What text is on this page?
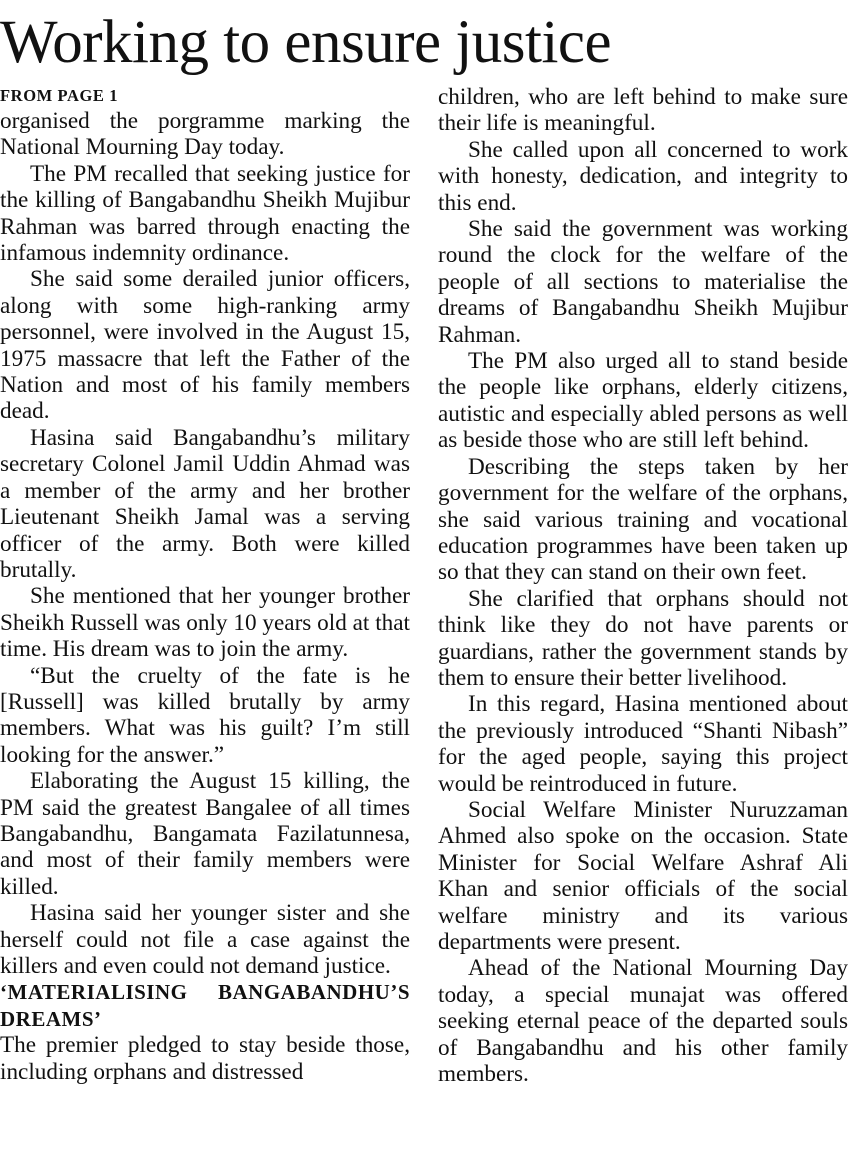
Working to ensure justice
FROM PAGE 1

organised the porgramme marking the National Mourning Day today.

The PM recalled that seeking justice for the killing of Bangabandhu Sheikh Mujibur Rahman was barred through enacting the infamous indemnity ordinance.

She said some derailed junior officers, along with some high-ranking army personnel, were involved in the August 15, 1975 massacre that left the Father of the Nation and most of his family members dead.

Hasina said Bangabandhu’s military secretary Colonel Jamil Uddin Ahmad was a member of the army and her brother Lieutenant Sheikh Jamal was a serving officer of the army. Both were killed brutally.

She mentioned that her younger brother Sheikh Russell was only 10 years old at that time. His dream was to join the army.

“But the cruelty of the fate is he [Russell] was killed brutally by army members. What was his guilt? I’m still looking for the answer.”

Elaborating the August 15 killing, the PM said the greatest Bangalee of all times Bangabandhu, Bangamata Fazilatunnesa, and most of their family members were killed.

Hasina said her younger sister and she herself could not file a case against the killers and even could not demand justice.

‘MATERIALISING BANGABANDHU’S DREAMS’

The premier pledged to stay beside those, including orphans and distressed

children, who are left behind to make sure their life is meaningful.

She called upon all concerned to work with honesty, dedication, and integrity to this end.

She said the government was working round the clock for the welfare of the people of all sections to materialise the dreams of Bangabandhu Sheikh Mujibur Rahman.

The PM also urged all to stand beside the people like orphans, elderly citizens, autistic and especially abled persons as well as beside those who are still left behind.

Describing the steps taken by her government for the welfare of the orphans, she said various training and vocational education programmes have been taken up so that they can stand on their own feet.

She clarified that orphans should not think like they do not have parents or guardians, rather the government stands by them to ensure their better livelihood.

In this regard, Hasina mentioned about the previously introduced “Shanti Nibash” for the aged people, saying this project would be reintroduced in future.

Social Welfare Minister Nuruzzaman Ahmed also spoke on the occasion. State Minister for Social Welfare Ashraf Ali Khan and senior officials of the social welfare ministry and its various departments were present.

Ahead of the National Mourning Day today, a special munajat was offered seeking eternal peace of the departed souls of Bangabandhu and his other family members.
